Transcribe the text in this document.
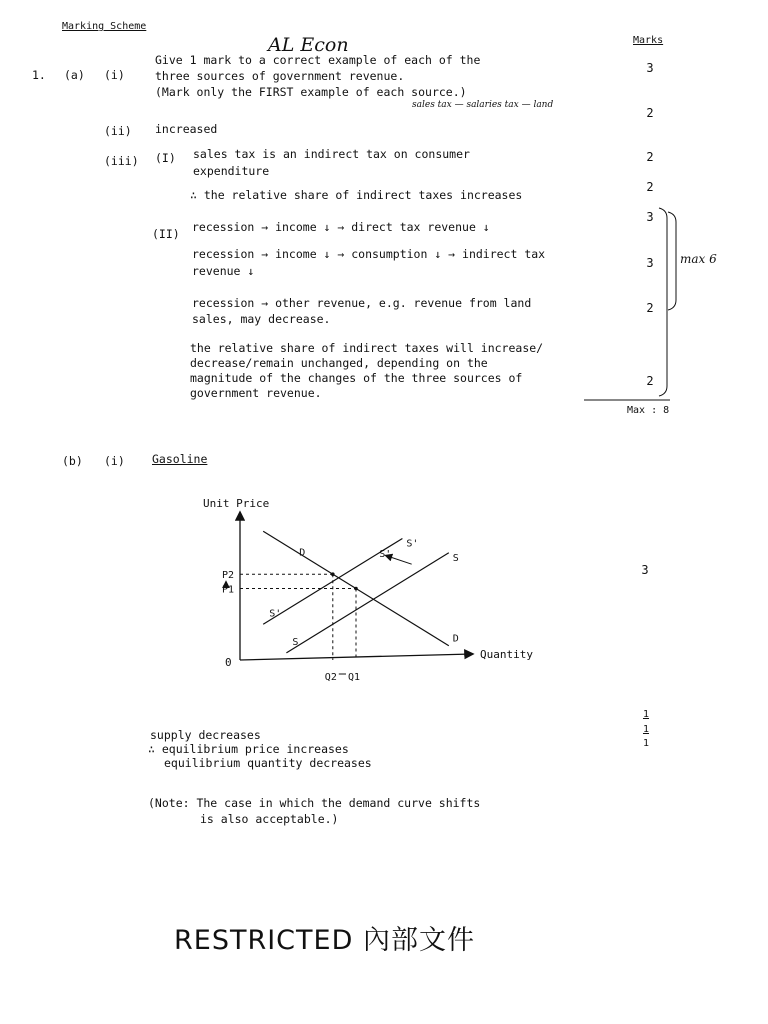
Marking Scheme
AL Econ	Marks
1. (a) (i)
Give 1 mark to a correct example of each of the
three sources of government revenue.
(Mark only the FIRST example of each source.)
sales tax — salaries tax — land
3
(ii) increased
2
(iii) (I) sales tax is an indirect tax on consumer
expenditure
2
∴ the relative share of indirect taxes increases
2
(II) recession → income ↓ → direct tax revenue ↓
3
recession → income ↓ → consumption ↓ → indirect tax
revenue ↓
3
recession → other revenue, e.g. revenue from land
sales, may decrease.
2
the relative share of indirect taxes will increase/
decrease/remain unchanged, depending on the
magnitude of the changes of the three sources of
government revenue.
2
Max : 8
max 6
(b) (i) Gasoline
3
D
D
S
S
S'
S'
P1
Q1
P2
Q2
S'
Unit Price
Quantity
0
supply decreases
∴ equilibrium price increases
equilibrium quantity decreases
1
1
1
(Note: The case in which the demand curve shifts
is also acceptable.)
RESTRICTED 內部文件
